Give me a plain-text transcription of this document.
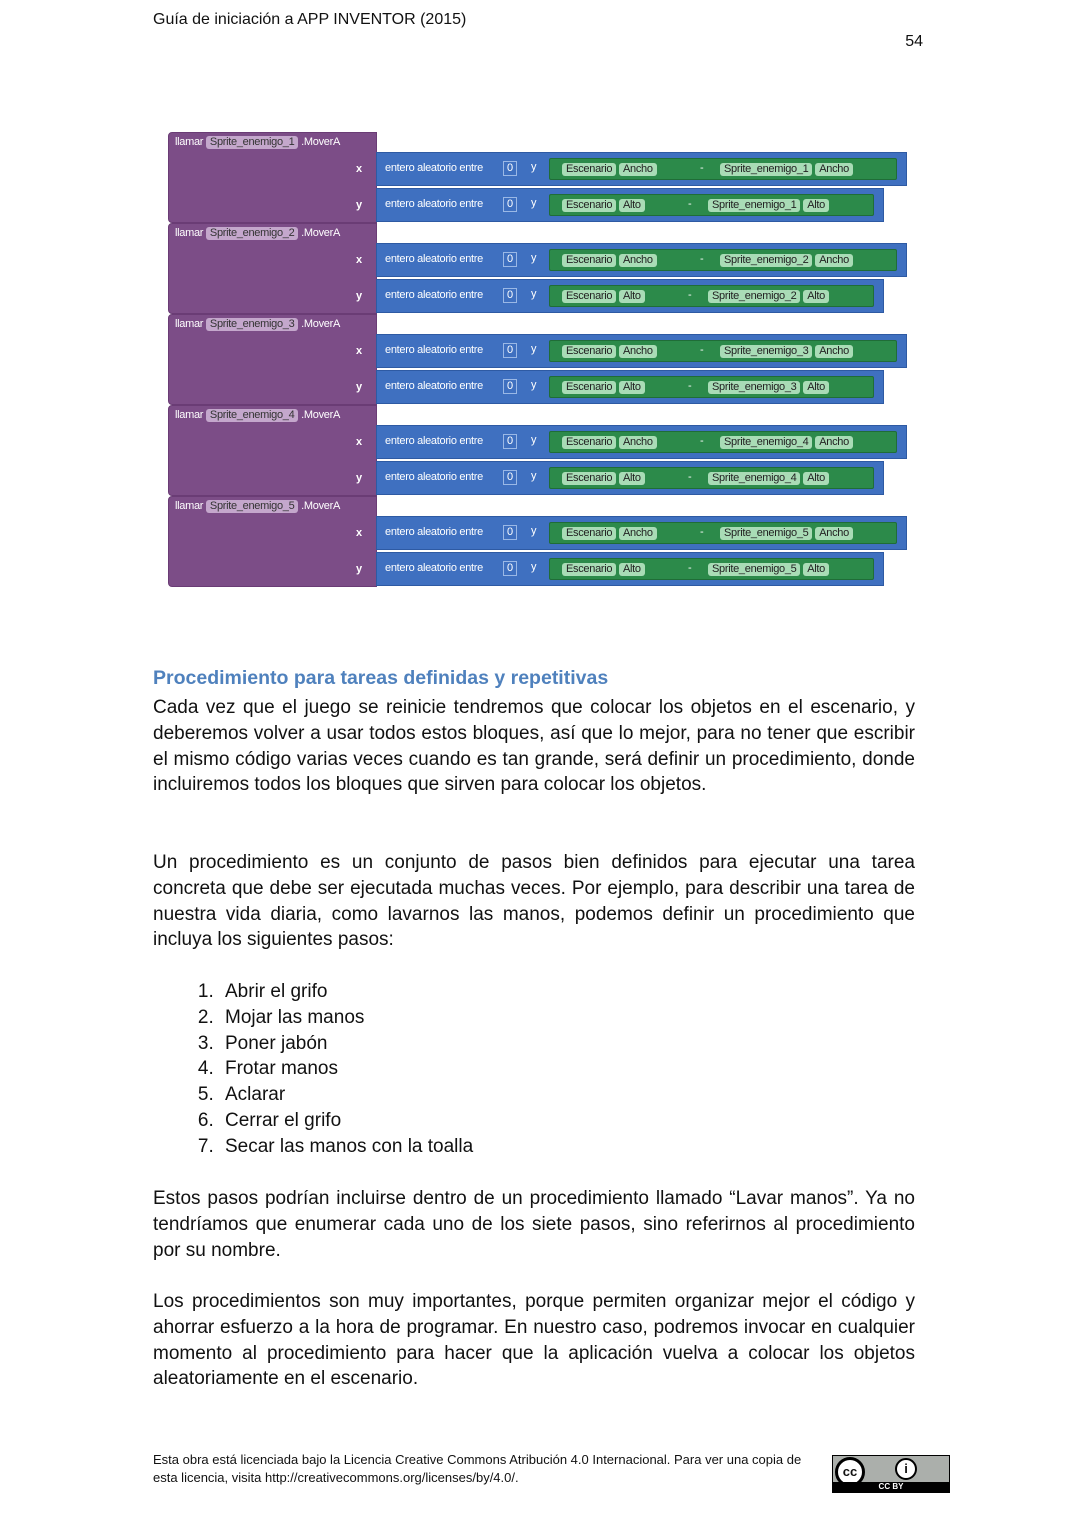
Guía de iniciación a APP INVENTOR (2015)
54
llamar Sprite_enemigo_1 .MoverA
x entero aleatorio entre	0	y	Escenario Ancho	-	Sprite_enemigo_1 Ancho
y entero aleatorio entre	0	y	Escenario Alto	-	Sprite_enemigo_1 Alto
llamar Sprite_enemigo_2 .MoverA
x entero aleatorio entre	0	y	Escenario Ancho	-	Sprite_enemigo_2 Ancho
y entero aleatorio entre	0	y	Escenario Alto	-	Sprite_enemigo_2 Alto
llamar Sprite_enemigo_3 .MoverA
x entero aleatorio entre	0	y	Escenario Ancho	-	Sprite_enemigo_3 Ancho
y entero aleatorio entre	0	y	Escenario Alto	-	Sprite_enemigo_3 Alto
llamar Sprite_enemigo_4 .MoverA
x entero aleatorio entre	0	y	Escenario Ancho	-	Sprite_enemigo_4 Ancho
y entero aleatorio entre	0	y	Escenario Alto	-	Sprite_enemigo_4 Alto
llamar Sprite_enemigo_5 .MoverA
x entero aleatorio entre	0	y	Escenario Ancho	-	Sprite_enemigo_5 Ancho
y entero aleatorio entre	0	y	Escenario Alto	-	Sprite_enemigo_5 Alto
Procedimiento para tareas definidas y repetitivas
Cada vez que el juego se reinicie tendremos que colocar los objetos en el escenario, y deberemos volver a usar todos estos bloques, así que lo mejor, para no tener que escribir el mismo código varias veces cuando es tan grande, será definir un procedimiento, donde incluiremos todos los bloques que sirven para colocar los objetos.
Un procedimiento es un conjunto de pasos bien definidos para ejecutar una tarea concreta que debe ser ejecutada muchas veces. Por ejemplo, para describir una tarea de nuestra vida diaria, como lavarnos las manos, podemos definir un procedimiento que incluya los siguientes pasos:
1. Abrir el grifo
2. Mojar las manos
3. Poner jabón
4. Frotar manos
5. Aclarar
6. Cerrar el grifo
7. Secar las manos con la toalla
Estos pasos podrían incluirse dentro de un procedimiento llamado “Lavar manos”. Ya no tendríamos que enumerar cada uno de los siete pasos, sino referirnos al procedimiento por su nombre.
Los procedimientos son muy importantes, porque permiten organizar mejor el código y ahorrar esfuerzo a la hora de programar. En nuestro caso, podremos invocar en cualquier momento al procedimiento para hacer que la aplicación vuelva a colocar los objetos aleatoriamente en el escenario.
Esta obra está licenciada bajo la Licencia Creative Commons Atribución 4.0 Internacional. Para ver una copia de esta licencia, visita http://creativecommons.org/licenses/by/4.0/.	cc	i
CC BY
